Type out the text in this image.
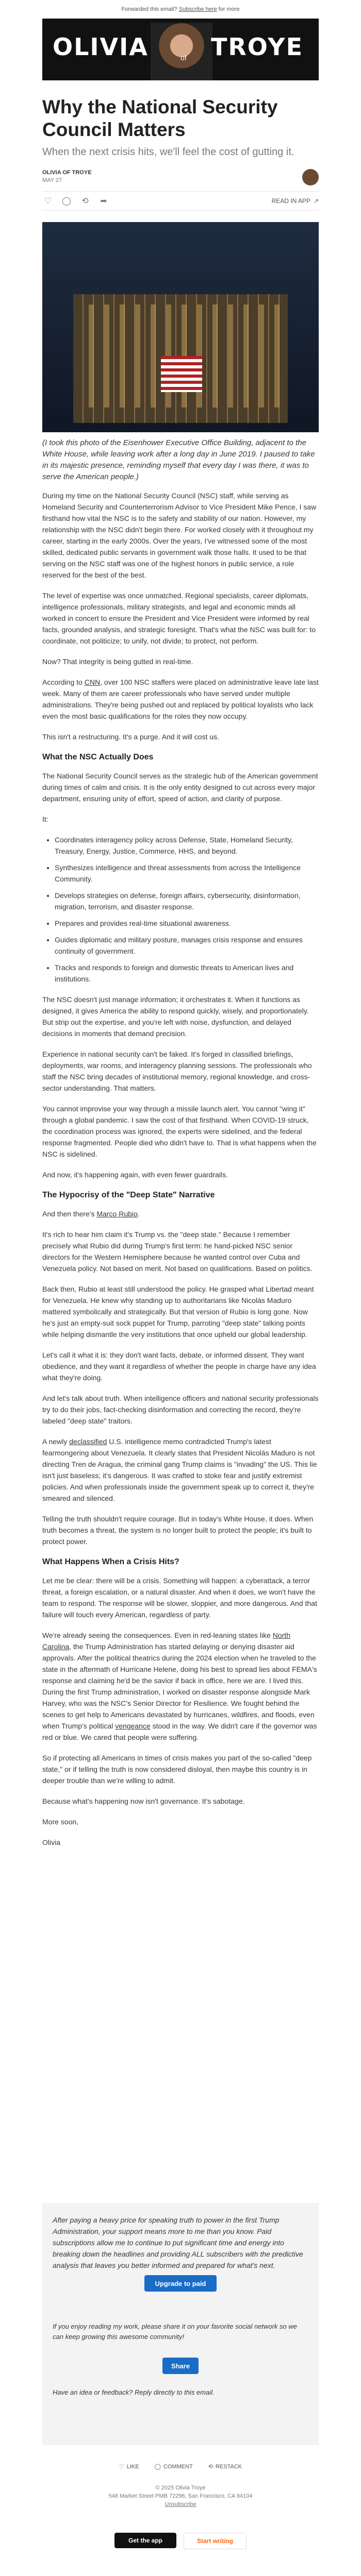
Forwarded this email? Subscribe here for more
OLIVIA	of TROYE
Why the National Security Council Matters
When the next crisis hits, we'll feel the cost of gutting it.
OLIVIA OF TROYE
MAY 27
♡ ◯ ⟲ ➦	READ IN APP ↗
(I took this photo of the Eisenhower Executive Office Building, adjacent to the White House, while leaving work after a long day in June 2019. I paused to take in its majestic presence, reminding myself that every day I was there, it was to serve the American people.)

During my time on the National Security Council (NSC) staff, while serving as Homeland Security and Counterterrorism Advisor to Vice President Mike Pence, I saw firsthand how vital the NSC is to the safety and stability of our nation. However, my relationship with the NSC didn't begin there. For worked closely with it throughout my career, starting in the early 2000s. Over the years, I've witnessed some of the most skilled, dedicated public servants in government walk those halls. It used to be that serving on the NSC staff was one of the highest honors in public service, a role reserved for the best of the best.

The level of expertise was once unmatched. Regional specialists, career diplomats, intelligence professionals, military strategists, and legal and economic minds all worked in concert to ensure the President and Vice President were informed by real facts, grounded analysis, and strategic foresight. That's what the NSC was built for: to coordinate, not politicize; to unify, not divide; to protect, not perform.

Now? That integrity is being gutted in real-time.

According to CNN, over 100 NSC staffers were placed on administrative leave late last week. Many of them are career professionals who have served under multiple administrations. They're being pushed out and replaced by political loyalists who lack even the most basic qualifications for the roles they now occupy.

This isn't a restructuring. It's a purge. And it will cost us.

What the NSC Actually Does

The National Security Council serves as the strategic hub of the American government during times of calm and crisis. It is the only entity designed to cut across every major department, ensuring unity of effort, speed of action, and clarity of purpose.

It:

• Coordinates interagency policy across Defense, State, Homeland Security, Treasury, Energy, Justice, Commerce, HHS, and beyond.
• Synthesizes intelligence and threat assessments from across the Intelligence Community.
• Develops strategies on defense, foreign affairs, cybersecurity, disinformation, migration, terrorism, and disaster response.
• Prepares and provides real-time situational awareness.
• Guides diplomatic and military posture, manages crisis response and ensures continuity of government.
• Tracks and responds to foreign and domestic threats to American lives and institutions.

The NSC doesn't just manage information; it orchestrates it. When it functions as designed, it gives America the ability to respond quickly, wisely, and proportionately. But strip out the expertise, and you're left with noise, dysfunction, and delayed decisions in moments that demand precision.

Experience in national security can't be faked. It's forged in classified briefings, deployments, war rooms, and interagency planning sessions. The professionals who staff the NSC bring decades of institutional memory, regional knowledge, and cross-sector understanding. That matters.

You cannot improvise your way through a missile launch alert. You cannot "wing it" through a global pandemic. I saw the cost of that firsthand. When COVID-19 struck, the coordination process was ignored, the experts were sidelined, and the federal response fragmented. People died who didn't have to. That is what happens when the NSC is sidelined.

And now, it's happening again, with even fewer guardrails.

The Hypocrisy of the "Deep State" Narrative

And then there's Marco Rubio.

It's rich to hear him claim it's Trump vs. the "deep state." Because I remember precisely what Rubio did during Trump's first term: he hand-picked NSC senior directors for the Western Hemisphere because he wanted control over Cuba and Venezuela policy. Not based on merit. Not based on qualifications. Based on politics.

Back then, Rubio at least still understood the policy. He grasped what Libertad meant for Venezuela. He knew why standing up to authoritarians like Nicolás Maduro mattered symbolically and strategically. But that version of Rubio is long gone. Now he's just an empty-suit sock puppet for Trump, parroting "deep state" talking points while helping dismantle the very institutions that once upheld our global leadership.

Let's call it what it is: they don't want facts, debate, or informed dissent. They want obedience, and they want it regardless of whether the people in charge have any idea what they're doing.

And let's talk about truth. When intelligence officers and national security professionals try to do their jobs, fact-checking disinformation and correcting the record, they're labeled "deep state" traitors.

A newly declassified U.S. intelligence memo contradicted Trump's latest fearmongering about Venezuela. It clearly states that President Nicolás Maduro is not directing Tren de Aragua, the criminal gang Trump claims is "invading" the US. This lie isn't just baseless; it's dangerous. It was crafted to stoke fear and justify extremist policies. And when professionals inside the government speak up to correct it, they're smeared and silenced.

Telling the truth shouldn't require courage. But in today's White House, it does. When truth becomes a threat, the system is no longer built to protect the people; it's built to protect power.

What Happens When a Crisis Hits?

Let me be clear: there will be a crisis. Something will happen: a cyberattack, a terror threat, a foreign escalation, or a natural disaster. And when it does, we won't have the team to respond. The response will be slower, sloppier, and more dangerous. And that failure will touch every American, regardless of party.

We're already seeing the consequences. Even in red-leaning states like North Carolina, the Trump Administration has started delaying or denying disaster aid approvals. After the political theatrics during the 2024 election when he traveled to the state in the aftermath of Hurricane Helene, doing his best to spread lies about FEMA's response and claiming he'd be the savior if back in office, here we are. I lived this. During the first Trump administration, I worked on disaster response alongside Mark Harvey, who was the NSC's Senior Director for Resilience. We fought behind the scenes to get help to Americans devastated by hurricanes, wildfires, and floods, even when Trump's political vengeance stood in the way. We didn't care if the governor was red or blue. We cared that people were suffering.

So if protecting all Americans in times of crisis makes you part of the so-called "deep state," or if telling the truth is now considered disloyal, then maybe this country is in deeper trouble than we're willing to admit.

Because what's happening now isn't governance. It's sabotage.

More soon,

Olivia

After paying a heavy price for speaking truth to power in the first Trump Administration, your support means more to me than you know. Paid subscriptions allow me to continue to put significant time and energy into breaking down the headlines and providing ALL subscribers with the predictive analysis that leaves you better informed and prepared for what's next.
Upgrade to paid
If you enjoy reading my work, please share it on your favorite social network so we can keep growing this awesome community!
Share
Have an idea or feedback? Reply directly to this email.
♡ LIKE	◯ COMMENT	⟲ RESTACK
© 2025 Olivia Troye
548 Market Street PMB 72296, San Francisco, CA 94104
Unsubscribe
Get the app	Start writing
